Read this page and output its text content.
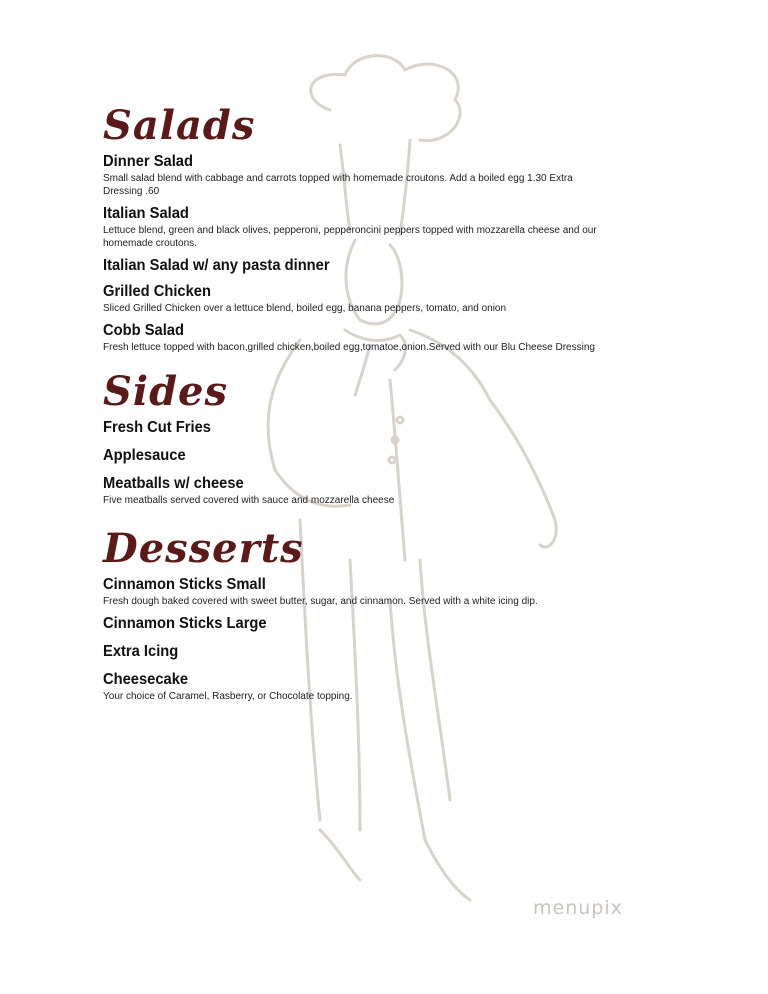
Salads

Dinner Salad

Small salad blend with cabbage and carrots topped with homemade croutons. Add a boiled egg 1.30 Extra Dressing .60

Italian Salad

Lettuce blend, green and black olives, pepperoni, pepperoncini peppers topped with mozzarella cheese and our homemade croutons.

Italian Salad w/ any pasta dinner

Grilled Chicken

Sliced Grilled Chicken over a lettuce blend, boiled egg, banana peppers, tomato, and onion

Cobb Salad

Fresh lettuce topped with bacon,grilled chicken,boiled egg,tomatoe,onion.Served with our Blu Cheese Dressing

Sides

Fresh Cut Fries

Applesauce

Meatballs w/ cheese

Five meatballs served covered with sauce and mozzarella cheese

Desserts

Cinnamon Sticks Small

Fresh dough baked covered with sweet butter, sugar, and cinnamon. Served with a white icing dip.

Cinnamon Sticks Large

Extra Icing

Cheesecake

Your choice of Caramel, Rasberry, or Chocolate topping.

menupix
